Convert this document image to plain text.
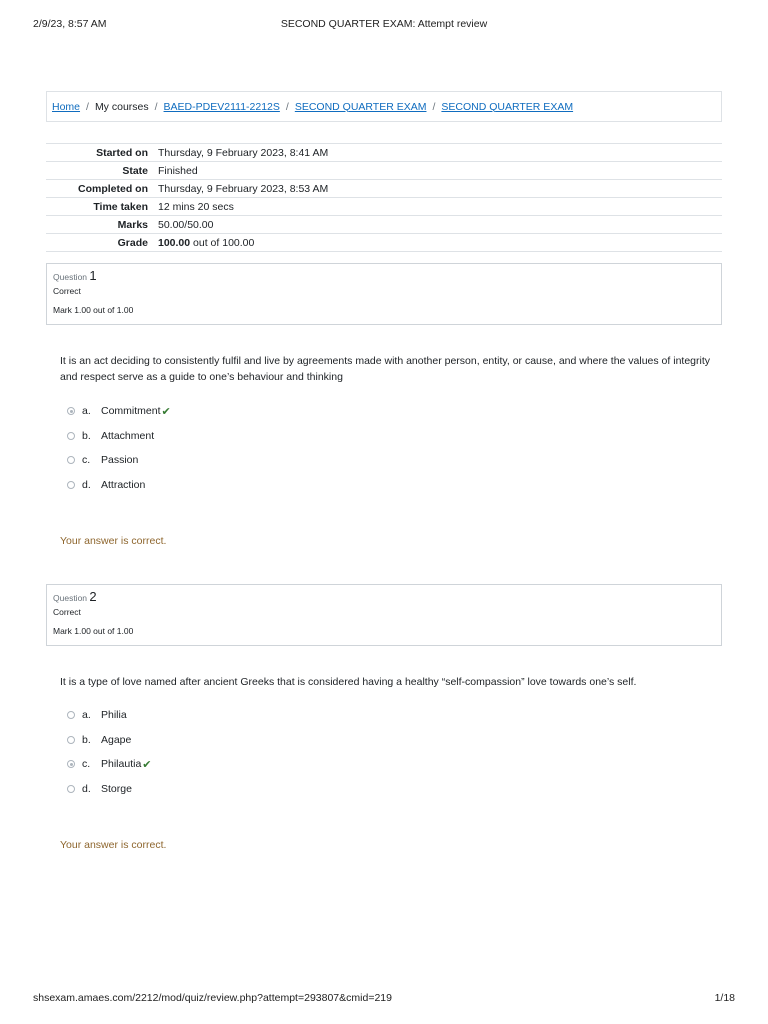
2/9/23, 8:57 AM	SECOND QUARTER EXAM: Attempt review
Home / My courses / BAED-PDEV2111-2212S / SECOND QUARTER EXAM / SECOND QUARTER EXAM
Started on	Thursday, 9 February 2023, 8:41 AM
State	Finished
Completed on	Thursday, 9 February 2023, 8:53 AM
Time taken	12 mins 20 secs
Marks	50.00/50.00
Grade	100.00 out of 100.00
Question 1
Correct
Mark 1.00 out of 1.00
It is an act deciding to consistently fulfil and live by agreements made with another person, entity, or cause, and where the values of integrity and respect serve as a guide to one’s behaviour and thinking
a. Commitment ✔
b. Attachment
c.	Passion
d. Attraction
Your answer is correct.
Question 2
Correct
Mark 1.00 out of 1.00
It is a type of love named after ancient Greeks that is considered having a healthy “self-compassion” love towards one’s self.
a. Philia
b. Agape
c.	Philautia ✔
d. Storge
Your answer is correct.
shsexam.amaes.com/2212/mod/quiz/review.php?attempt=293807&cmid=219	1/18
